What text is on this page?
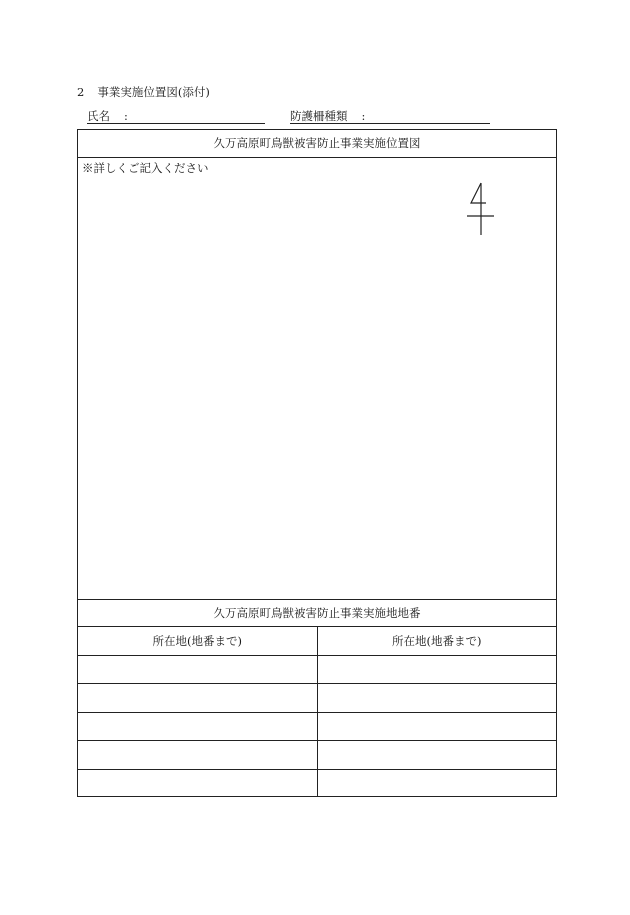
2 事業実施位置図(添付)
氏名 :	防護柵種類 :
久万高原町鳥獣被害防止事業実施位置図
※詳しくご記入ください
久万高原町鳥獣被害防止事業実施地地番
所在地(地番まで)	所在地(地番まで)
